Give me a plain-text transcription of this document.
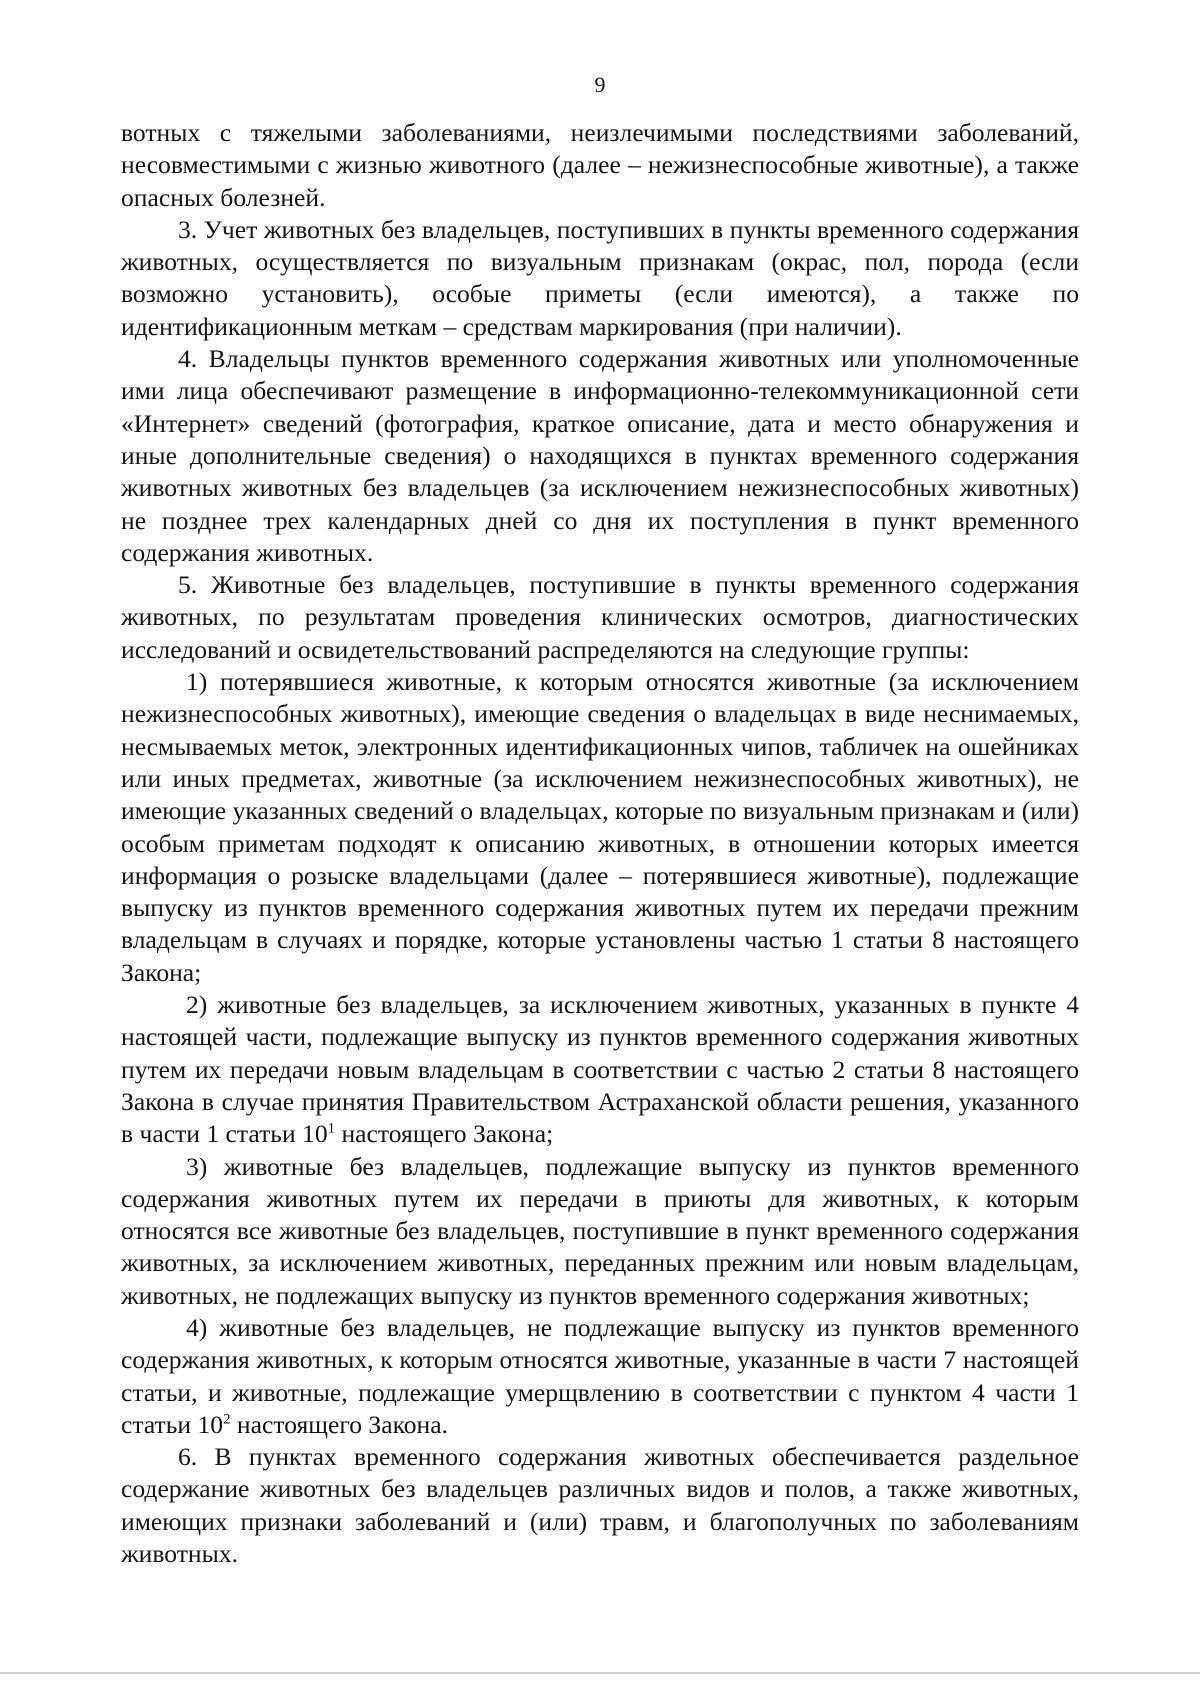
9

вотных с тяжелыми заболеваниями, неизлечимыми последствиями заболеваний, несовместимыми с жизнью животного (далее – нежизнеспособные животные), а также опасных болезней.

3. Учет животных без владельцев, поступивших в пункты временного содержания животных, осуществляется по визуальным признакам (окрас, пол, порода (если возможно установить), особые приметы (если имеются), а также по идентификационным меткам – средствам маркирования (при наличии).

4. Владельцы пунктов временного содержания животных или уполномоченные ими лица обеспечивают размещение в информационно-телекоммуникационной сети «Интернет» сведений (фотография, краткое описание, дата и место обнаружения и иные дополнительные сведения) о находящихся в пунктах временного содержания животных животных без владельцев (за исключением нежизнеспособных животных) не позднее трех календарных дней со дня их поступления в пункт временного содержания животных.

5. Животные без владельцев, поступившие в пункты временного содержания животных, по результатам проведения клинических осмотров, диагностических исследований и освидетельствований распределяются на следующие группы:

1) потерявшиеся животные, к которым относятся животные (за исключением нежизнеспособных животных), имеющие сведения о владельцах в виде неснимаемых, несмываемых меток, электронных идентификационных чипов, табличек на ошейниках или иных предметах, животные (за исключением нежизнеспособных животных), не имеющие указанных сведений о владельцах, которые по визуальным признакам и (или) особым приметам подходят к описанию животных, в отношении которых имеется информация о розыске владельцами (далее – потерявшиеся животные), подлежащие выпуску из пунктов временного содержания животных путем их передачи прежним владельцам в случаях и порядке, которые установлены частью 1 статьи 8 настоящего Закона;

2) животные без владельцев, за исключением животных, указанных в пункте 4 настоящей части, подлежащие выпуску из пунктов временного содержания животных путем их передачи новым владельцам в соответствии с частью 2 статьи 8 настоящего Закона в случае принятия Правительством Астраханской области решения, указанного в части 1 статьи $10^1$ настоящего Закона;

3) животные без владельцев, подлежащие выпуску из пунктов временного содержания животных путем их передачи в приюты для животных, к которым относятся все животные без владельцев, поступившие в пункт временного содержания животных, за исключением животных, переданных прежним или новым владельцам, животных, не подлежащих выпуску из пунктов временного содержания животных;

4) животные без владельцев, не подлежащие выпуску из пунктов временного содержания животных, к которым относятся животные, указанные в части 7 настоящей статьи, и животные, подлежащие умерщвлению в соответствии с пунктом 4 части 1 статьи $10^2$ настоящего Закона.

6. В пунктах временного содержания животных обеспечивается раздельное содержание животных без владельцев различных видов и полов, а также животных, имеющих признаки заболеваний и (или) травм, и благополучных по заболеваниям животных.
